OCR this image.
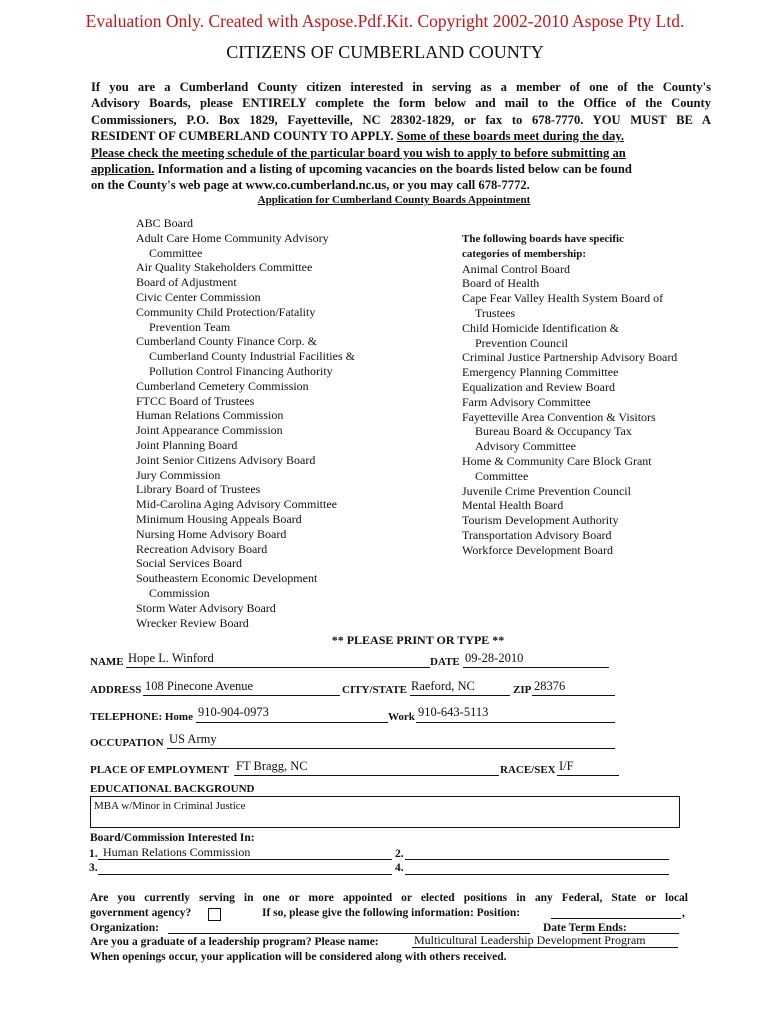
Evaluation Only. Created with Aspose.Pdf.Kit. Copyright 2002-2010 Aspose Pty Ltd.
CITIZENS OF CUMBERLAND COUNTY
If you are a Cumberland County citizen interested in serving as a member of one of the County's
Advisory Boards, please ENTIRELY complete the form below and mail to the Office of the County
Commissioners, P.O. Box 1829, Fayetteville, NC 28302-1829, or fax to 678-7770. YOU MUST BE A
RESIDENT OF CUMBERLAND COUNTY TO APPLY. Some of these boards meet during the day.
Please check the meeting schedule of the particular board you wish to apply to before submitting an
application. Information and a listing of upcoming vacancies on the boards listed below can be found
on the County's web page at www.co.cumberland.nc.us, or you may call 678-7772.
Application for Cumberland County Boards Appointment
ABC Board
Adult Care Home Community Advisory
Committee
Air Quality Stakeholders Committee
Board of Adjustment
Civic Center Commission
Community Child Protection/Fatality
Prevention Team
Cumberland County Finance Corp. &
Cumberland County Industrial Facilities &
Pollution Control Financing Authority
Cumberland Cemetery Commission
FTCC Board of Trustees
Human Relations Commission
Joint Appearance Commission
Joint Planning Board
Joint Senior Citizens Advisory Board
Jury Commission
Library Board of Trustees
Mid-Carolina Aging Advisory Committee
Minimum Housing Appeals Board
Nursing Home Advisory Board
Recreation Advisory Board
Social Services Board
Southeastern Economic Development
Commission
Storm Water Advisory Board
Wrecker Review Board
The following boards have specific
categories of membership:
Animal Control Board
Board of Health
Cape Fear Valley Health System Board of
Trustees
Child Homicide Identification &
Prevention Council
Criminal Justice Partnership Advisory Board
Emergency Planning Committee
Equalization and Review Board
Farm Advisory Committee
Fayetteville Area Convention & Visitors
Bureau Board & Occupancy Tax
Advisory Committee
Home & Community Care Block Grant
Committee
Juvenile Crime Prevention Council
Mental Health Board
Tourism Development Authority
Transportation Advisory Board
Workforce Development Board
** PLEASE PRINT OR TYPE **
NAME Hope L. Winford	DATE 09-28-2010
ADDRESS 108 Pinecone Avenue	CITY/STATE Raeford, NC	ZIP 28376
TELEPHONE: Home 910-904-0973	Work 910-643-5113
OCCUPATION US Army
PLACE OF EMPLOYMENT FT Bragg, NC	RACE/SEX I/F
EDUCATIONAL BACKGROUND
MBA w/Minor in Criminal Justice
Board/Commission Interested In:
1. Human Relations Commission	2.
3.	4.
Are you currently serving in one or more appointed or elected positions in any Federal, State or local
government agency?	If so, please give the following information: Position:	,
Organization:	Date Term Ends:
Are you a graduate of a leadership program? Please name:	Multicultural Leadership Development Program
When openings occur, your application will be considered along with others received.
